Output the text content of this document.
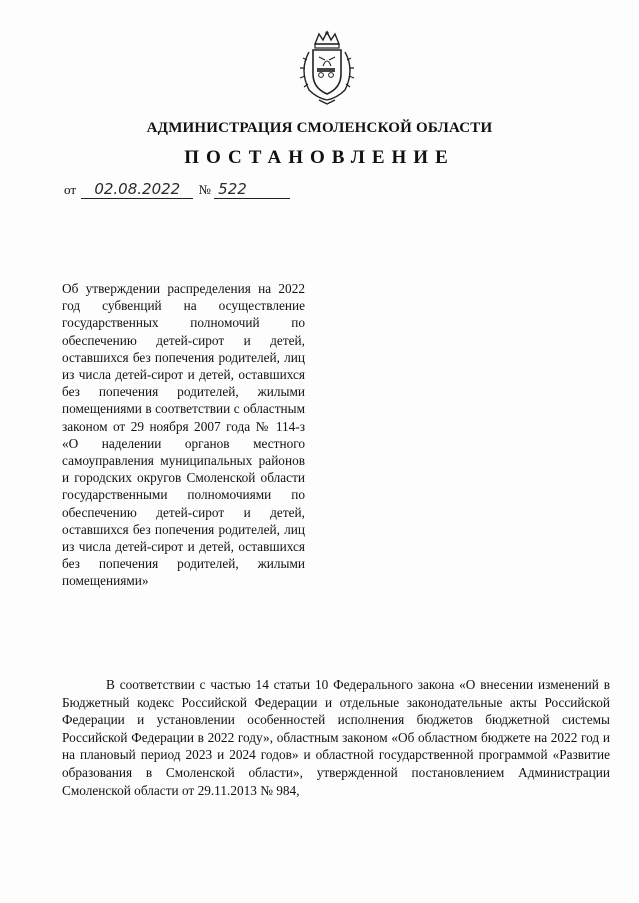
АДМИНИСТРАЦИЯ СМОЛЕНСКОЙ ОБЛАСТИ
ПОСТАНОВЛЕНИЕ
от 02.08.2022 № 522
Об утверждении распределения на 2022 год субвенций на осуществление государственных полномочий по обеспечению детей-сирот и детей, оставшихся без попечения родителей, лиц из числа детей-сирот и детей, оставшихся без попечения родителей, жилыми помещениями в соответствии с областным законом от 29 ноября 2007 года № 114-з «О наделении органов местного самоуправления муниципальных районов и городских округов Смоленской области государственными полномочиями по обеспечению детей-сирот и детей, оставшихся без попечения родителей, лиц из числа детей-сирот и детей, оставшихся без попечения родителей, жилыми помещениями»
В соответствии с частью 14 статьи 10 Федерального закона «О внесении изменений в Бюджетный кодекс Российской Федерации и отдельные законодательные акты Российской Федерации и установлении особенностей исполнения бюджетов бюджетной системы Российской Федерации в 2022 году», областным законом «Об областном бюджете на 2022 год и на плановый период 2023 и 2024 годов» и областной государственной программой «Развитие образования в Смоленской области», утвержденной постановлением Администрации Смоленской области от 29.11.2013 № 984,
